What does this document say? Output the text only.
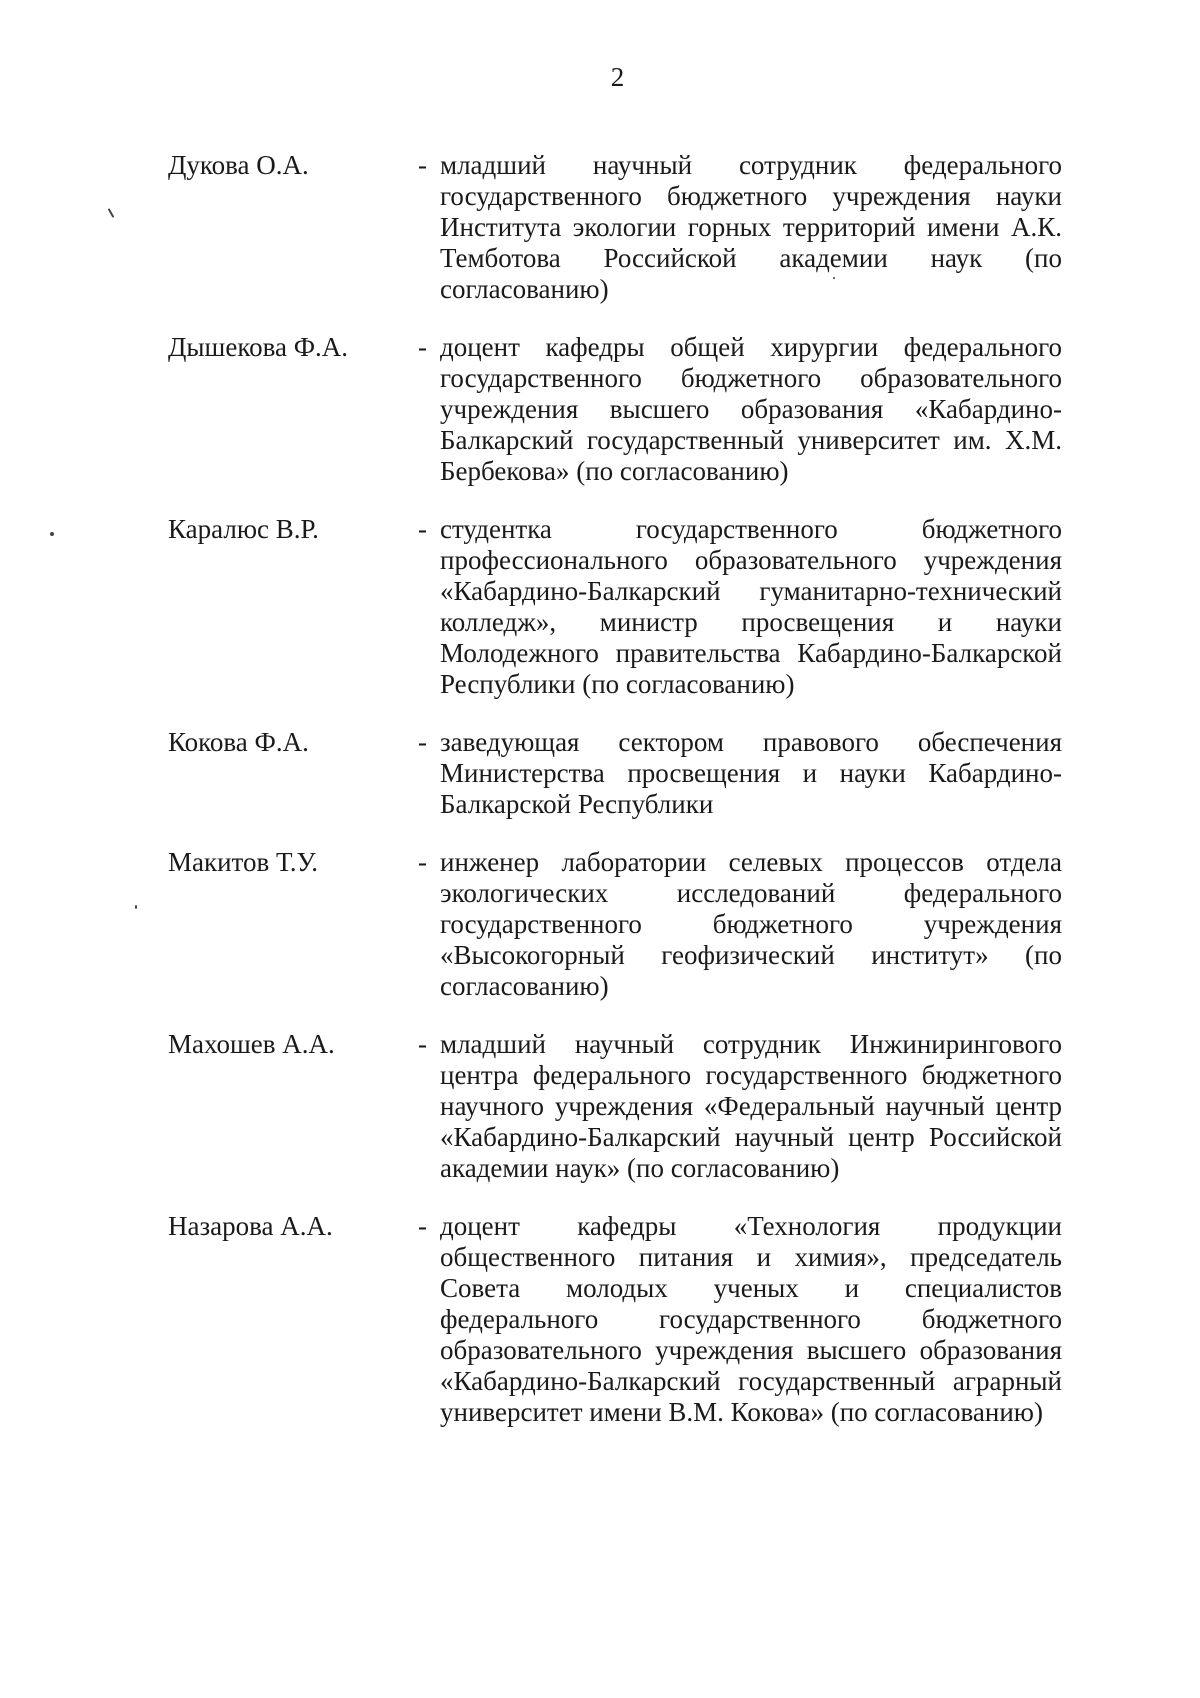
2
Дукова О.А.	- младший научный сотрудник федерального государственного бюджетного учреждения науки Института экологии горных территорий имени А.К. Темботова Российской академии наук (по согласованию)
Дышекова Ф.А.	- доцент кафедры общей хирургии федерального государственного бюджетного образовательного учреждения высшего образования «Кабардино-Балкарский государственный университет им. Х.М. Бербекова» (по согласованию)
Каралюс В.Р.	- студентка государственного бюджетного профессионального образовательного учреждения «Кабардино-Балкарский гуманитарно-технический колледж», министр просвещения и науки Молодежного правительства Кабардино-Балкарской Республики (по согласованию)
Кокова Ф.А.	- заведующая сектором правового обеспечения Министерства просвещения и науки Кабардино-Балкарской Республики
Макитов Т.У.	- инженер лаборатории селевых процессов отдела экологических исследований федерального государственного бюджетного учреждения «Высокогорный геофизический институт» (по согласованию)
Махошев А.А.	- младший научный сотрудник Инжинирингового центра федерального государственного бюджетного научного учреждения «Федеральный научный центр «Кабардино-Балкарский научный центр Российской академии наук» (по согласованию)
Назарова А.А.	- доцент кафедры «Технология продукции общественного питания и химия», председатель Совета молодых ученых и специалистов федерального государственного бюджетного образовательного учреждения высшего образования «Кабардино-Балкарский государственный аграрный университет имени В.М. Кокова» (по согласованию)
